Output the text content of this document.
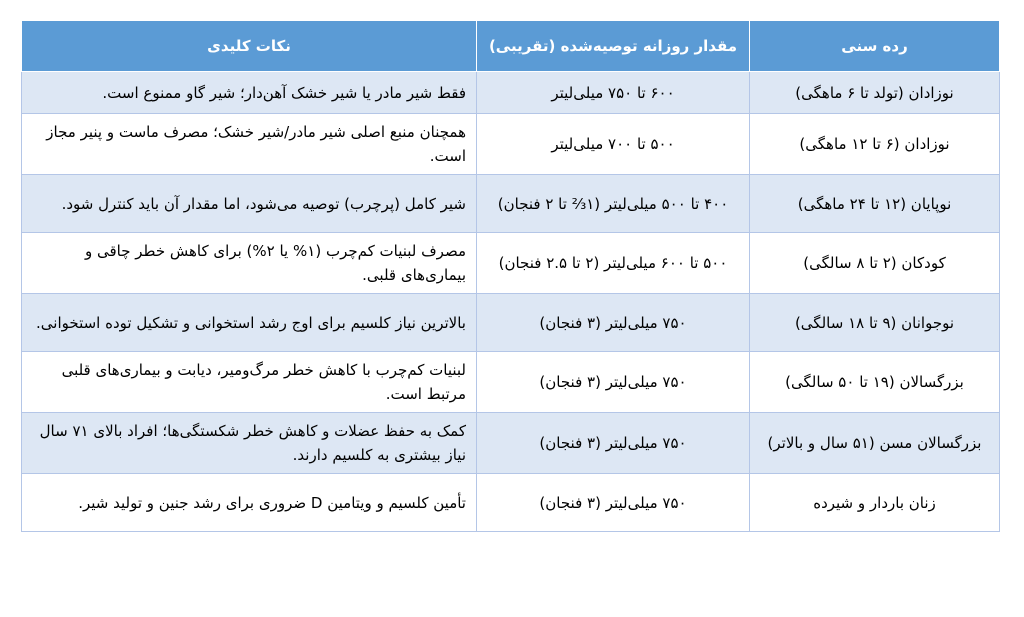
رده سنی	مقدار روزانه توصیه‌شده (تقریبی)	نکات کلیدی
نوزادان (تولد تا ۶ ماهگی)	۶۰۰ تا ۷۵۰ میلی‌لیتر	فقط شیر مادر یا شیر خشک آهن‌دار؛ شیر گاو ممنوع است.
نوزادان (۶ تا ۱۲ ماهگی)	۵۰۰ تا ۷۰۰ میلی‌لیتر	همچنان منبع اصلی شیر مادر/شیر خشک؛ مصرف ماست و پنیر مجاز است.
نوپایان (۱۲ تا ۲۴ ماهگی)	۴۰۰ تا ۵۰۰ میلی‌لیتر (۱⅔ تا ۲ فنجان)	شیر کامل (پرچرب) توصیه می‌شود، اما مقدار آن باید کنترل شود.
کودکان (۲ تا ۸ سالگی)	۵۰۰ تا ۶۰۰ میلی‌لیتر (۲ تا ۲.۵ فنجان)	مصرف لبنیات کم‌چرب (۱% یا ۲%) برای کاهش خطر چاقی و بیماری‌های قلبی.
نوجوانان (۹ تا ۱۸ سالگی)	۷۵۰ میلی‌لیتر (۳ فنجان)	بالاترین نیاز کلسیم برای اوج رشد استخوانی و تشکیل توده استخوانی.
بزرگسالان (۱۹ تا ۵۰ سالگی)	۷۵۰ میلی‌لیتر (۳ فنجان)	لبنیات کم‌چرب با کاهش خطر مرگ‌ومیر، دیابت و بیماری‌های قلبی مرتبط است.
بزرگسالان مسن (۵۱ سال و بالاتر)	۷۵۰ میلی‌لیتر (۳ فنجان)	کمک به حفظ عضلات و کاهش خطر شکستگی‌ها؛ افراد بالای ۷۱ سال نیاز بیشتری به کلسیم دارند.
زنان باردار و شیرده	۷۵۰ میلی‌لیتر (۳ فنجان)	تأمین کلسیم و ویتامین D ضروری برای رشد جنین و تولید شیر.
